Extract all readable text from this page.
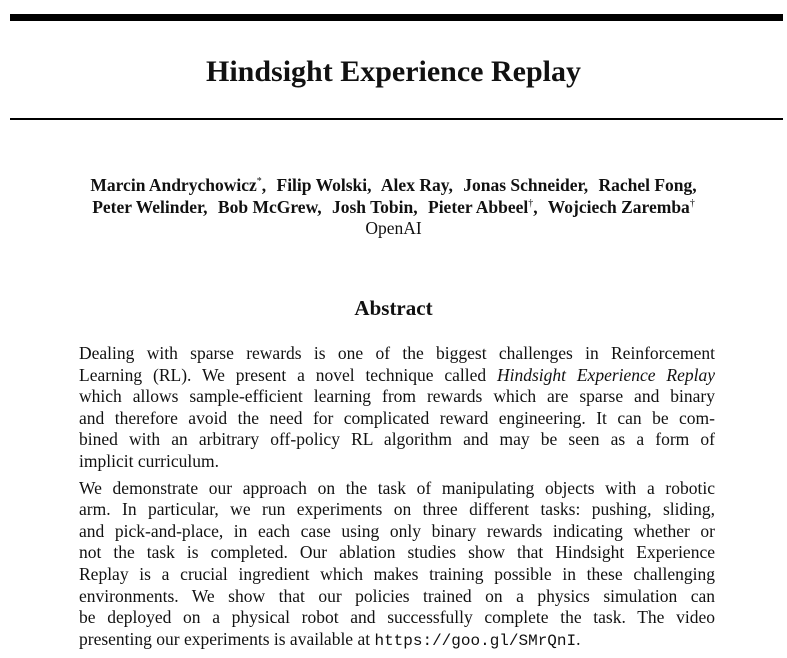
Hindsight Experience Replay
Marcin Andrychowicz*, Filip Wolski, Alex Ray, Jonas Schneider, Rachel Fong,
Peter Welinder, Bob McGrew, Josh Tobin, Pieter Abbeel†, Wojciech Zaremba†
OpenAI
Abstract
Dealing with sparse rewards is one of the biggest challenges in Reinforcement
Learning (RL). We present a novel technique called Hindsight Experience Replay
which allows sample-efficient learning from rewards which are sparse and binary
and therefore avoid the need for complicated reward engineering. It can be com-
bined with an arbitrary off-policy RL algorithm and may be seen as a form of
implicit curriculum.
We demonstrate our approach on the task of manipulating objects with a robotic
arm. In particular, we run experiments on three different tasks: pushing, sliding,
and pick-and-place, in each case using only binary rewards indicating whether or
not the task is completed. Our ablation studies show that Hindsight Experience
Replay is a crucial ingredient which makes training possible in these challenging
environments. We show that our policies trained on a physics simulation can
be deployed on a physical robot and successfully complete the task. The video
presenting our experiments is available at https://goo.gl/SMrQnI.
